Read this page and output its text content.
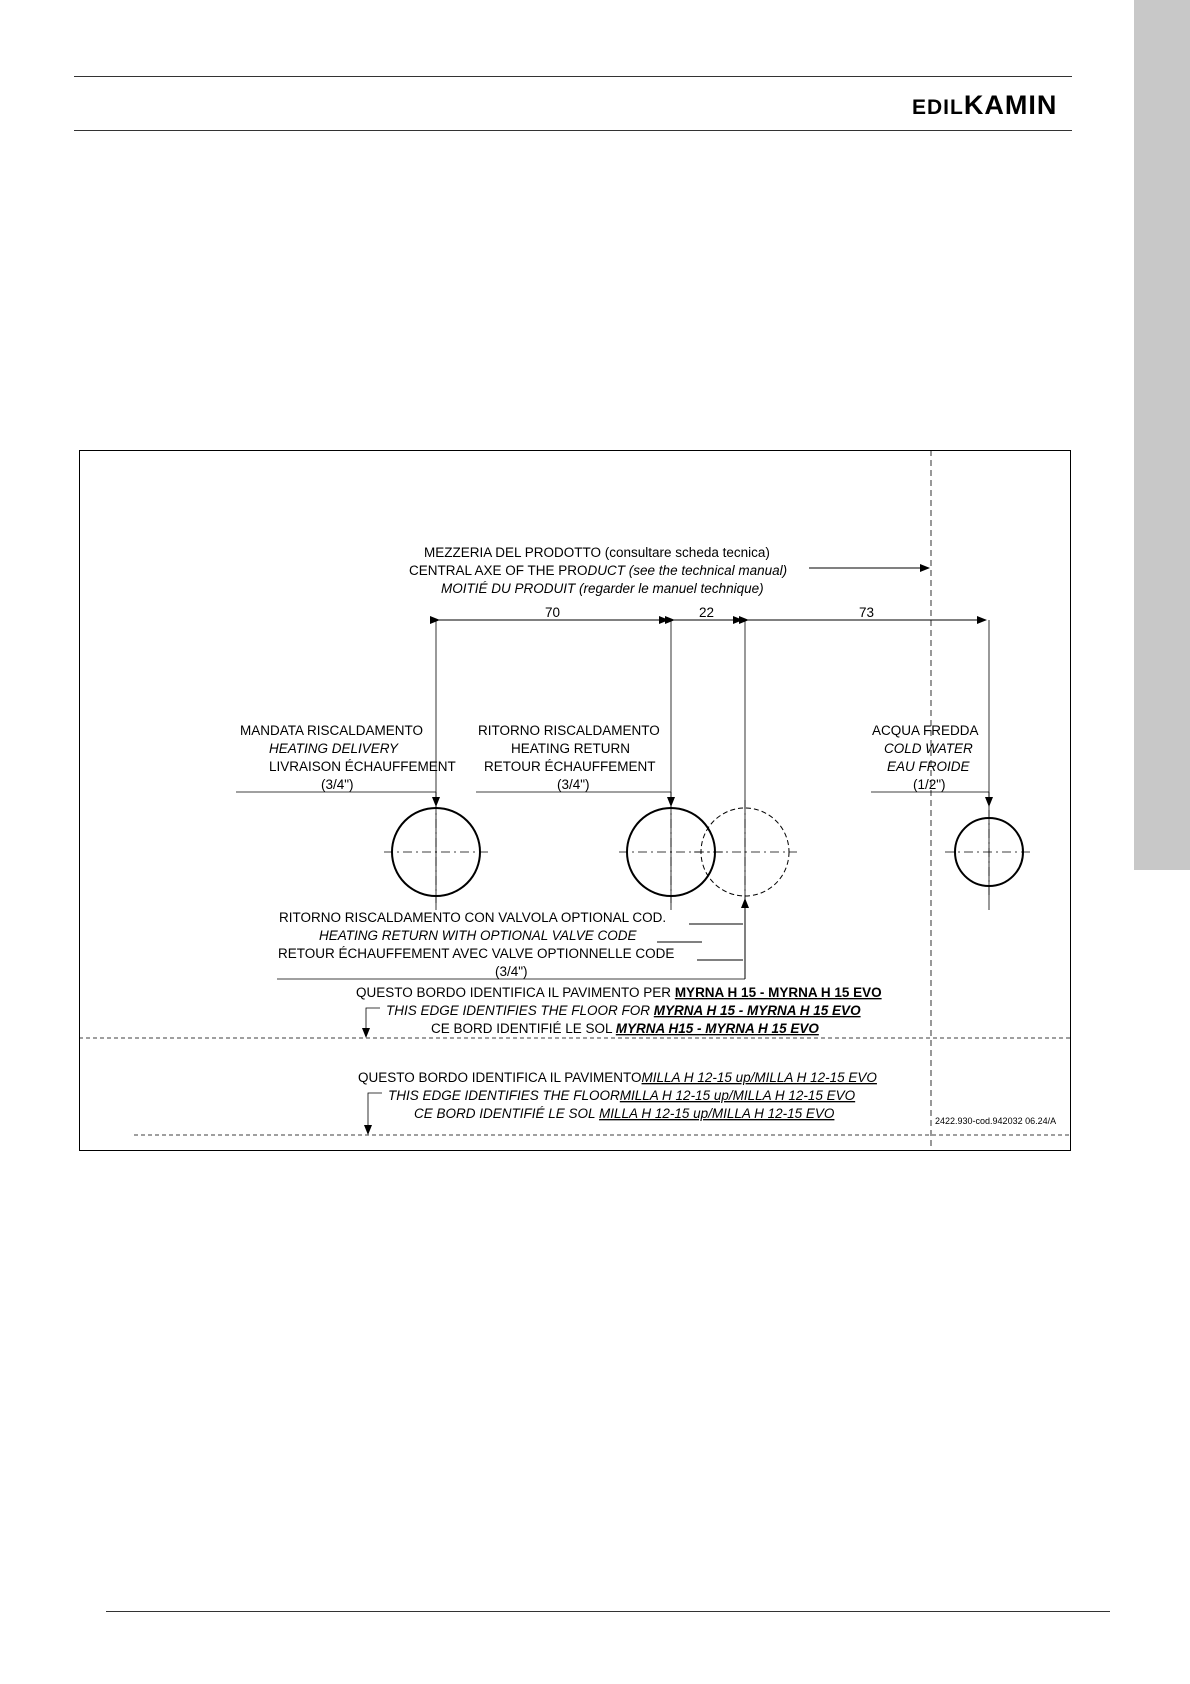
EDILKAMIN
MEZZERIA DEL PRODOTTO (consultare scheda tecnica)
CENTRAL AXE OF THE PRODUCT (see the technical manual)
MOITIÉ DU PRODUIT (regarder le manuel technique)
70	22	73
MANDATA RISCALDAMENTO
HEATING DELIVERY
LIVRAISON ÉCHAUFFEMENT
(3/4")
RITORNO RISCALDAMENTO
HEATING RETURN
RETOUR ÉCHAUFFEMENT
(3/4")
ACQUA FREDDA
COLD WATER
EAU FROIDE
(1/2")
RITORNO RISCALDAMENTO CON VALVOLA OPTIONAL COD.
HEATING RETURN WITH OPTIONAL VALVE CODE
RETOUR ÉCHAUFFEMENT AVEC VALVE OPTIONNELLE CODE
(3/4")
QUESTO BORDO IDENTIFICA IL PAVIMENTO PER MYRNA H 15 - MYRNA H 15 EVO
THIS EDGE IDENTIFIES THE FLOOR FOR MYRNA H 15 - MYRNA H 15 EVO
CE BORD IDENTIFIÉ LE SOL MYRNA H15 - MYRNA H 15 EVO
QUESTO BORDO IDENTIFICA IL PAVIMENTOMILLA H 12-15 up/MILLA H 12-15 EVO
THIS EDGE IDENTIFIES THE FLOORMILLA H 12-15 up/MILLA H 12-15 EVO
CE BORD IDENTIFIÉ LE SOL MILLA H 12-15 up/MILLA H 12-15 EVO	2422.930-cod.942032 06.24/A
